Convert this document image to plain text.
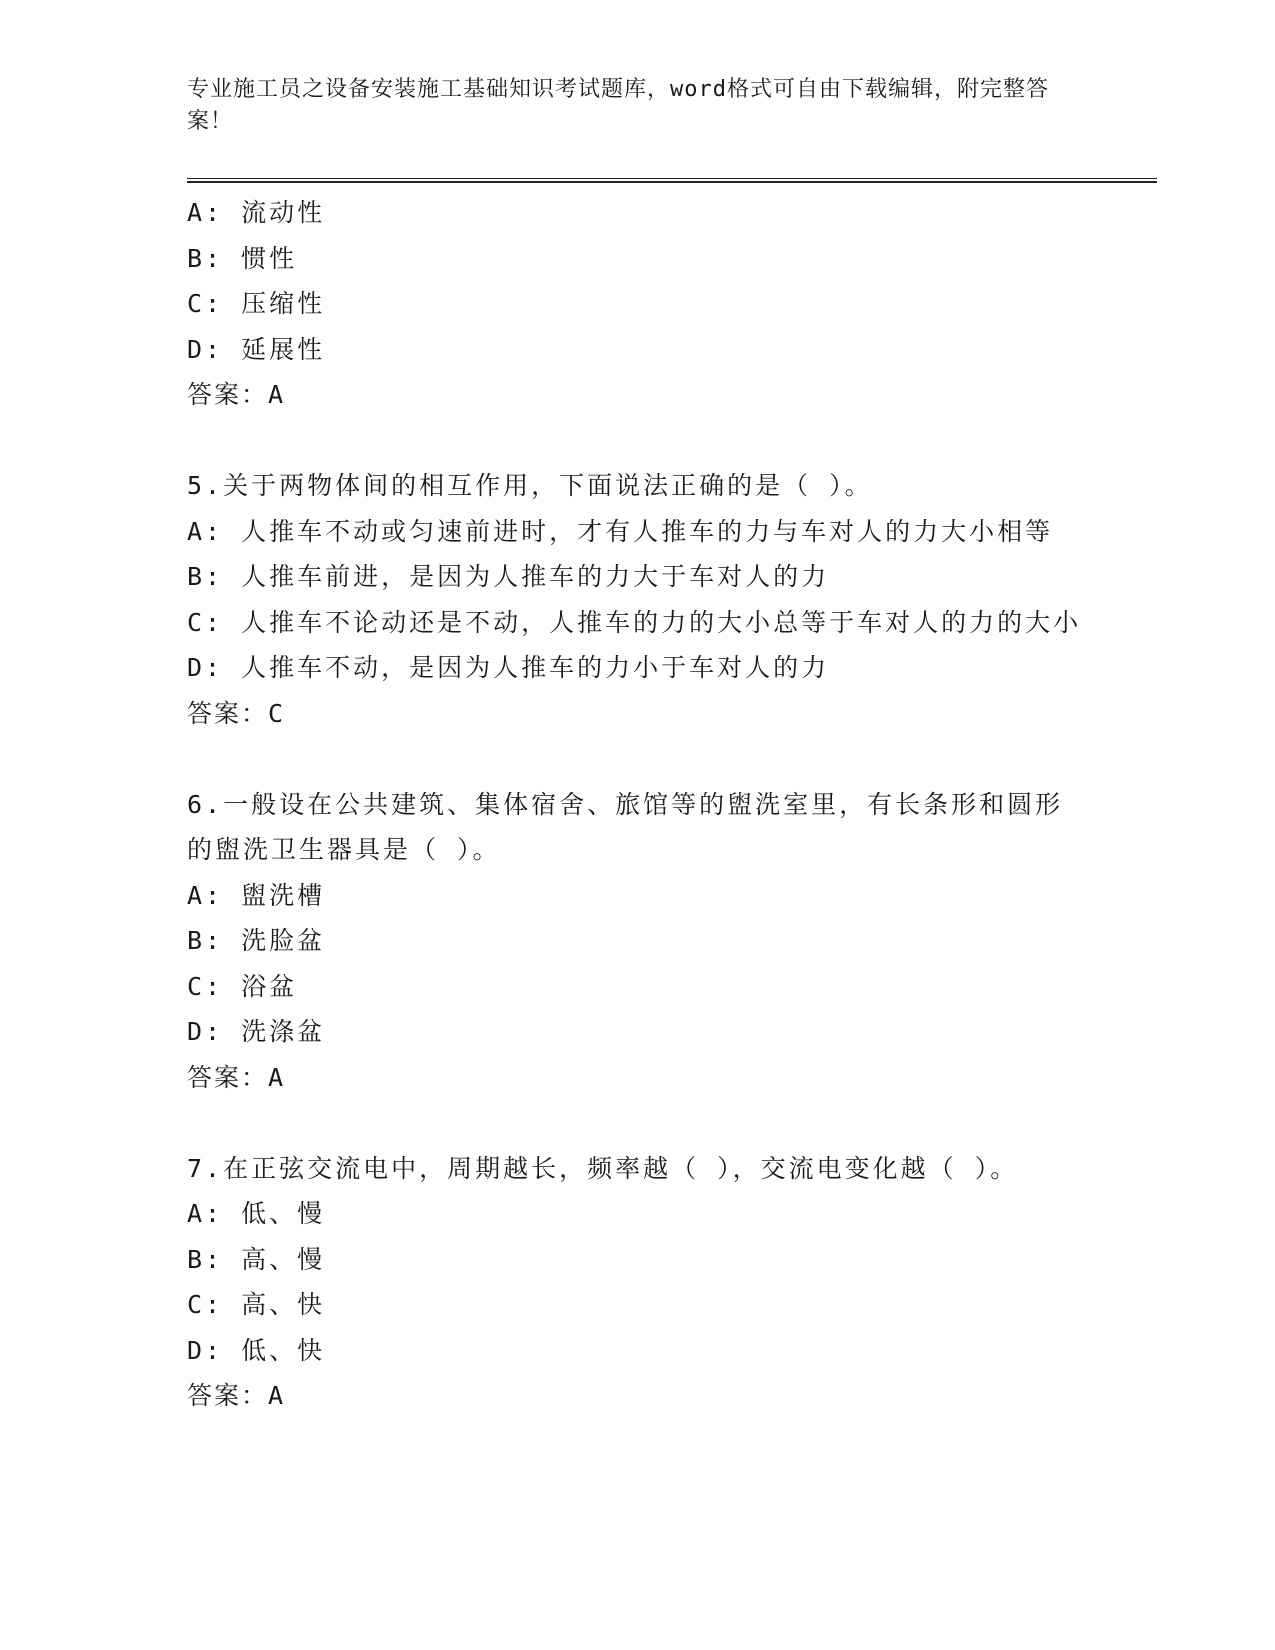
专业施工员之设备安装施工基础知识考试题库，word格式可自由下载编辑，附完整答案！
A: 流动性
B: 惯性
C: 压缩性
D: 延展性
答案：A
5.关于两物体间的相互作用，下面说法正确的是（ ）。
A: 人推车不动或匀速前进时，才有人推车的力与车对人的力大小相等
B: 人推车前进，是因为人推车的力大于车对人的力
C: 人推车不论动还是不动，人推车的力的大小总等于车对人的力的大小
D: 人推车不动，是因为人推车的力小于车对人的力
答案：C
6.一般设在公共建筑、集体宿舍、旅馆等的盥洗室里，有长条形和圆形的盥洗卫生器具是（ ）。
A: 盥洗槽
B: 洗脸盆
C: 浴盆
D: 洗涤盆
答案：A
7.在正弦交流电中，周期越长，频率越（ ），交流电变化越（ ）。
A: 低、慢
B: 高、慢
C: 高、快
D: 低、快
答案：A
